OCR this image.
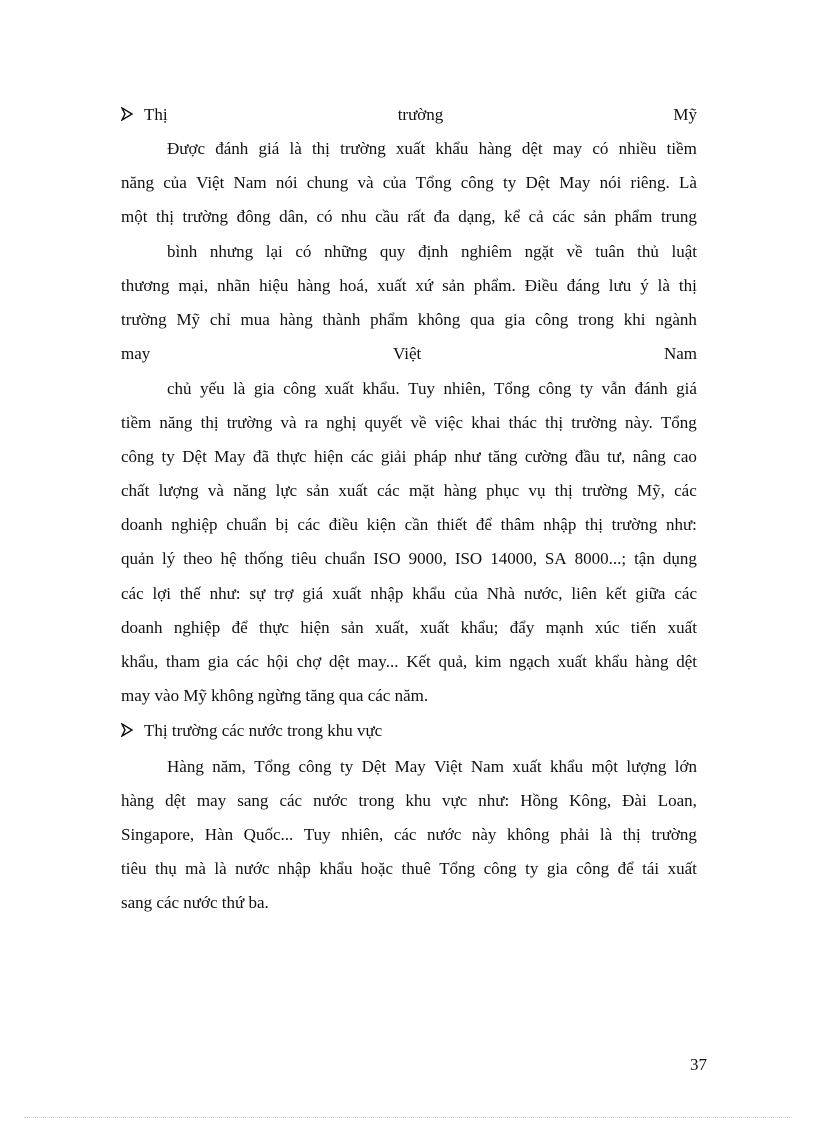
Thị	trường	Mỹ
Được đánh giá là thị trường xuất khẩu hàng dệt may có nhiều tiềm
năng của Việt Nam nói chung và của Tổng công ty Dệt May nói riêng. Là
một thị trường đông dân, có nhu cầu rất đa dạng, kể cả các sản phẩm trung
bình nhưng lại có những quy định nghiêm ngặt về tuân thủ luật
thương mại, nhãn hiệu hàng hoá, xuất xứ sản phẩm. Điều đáng lưu ý là thị
trường Mỹ chỉ mua hàng thành phẩm không qua gia công trong khi ngành
may	Việt	Nam
chủ yếu là gia công xuất khẩu. Tuy nhiên, Tổng công ty vẫn đánh giá
tiềm năng thị trường và ra nghị quyết về việc khai thác thị trường này. Tổng
công ty Dệt May đã thực hiện các giải pháp như tăng cường đầu tư, nâng cao
chất lượng và năng lực sản xuất các mặt hàng phục vụ thị trường Mỹ, các
doanh nghiệp chuẩn bị các điều kiện cần thiết để thâm nhập thị trường như:
quản lý theo hệ thống tiêu chuẩn ISO 9000, ISO 14000, SA 8000...; tận dụng
các lợi thế như: sự trợ giá xuất nhập khẩu của Nhà nước, liên kết giữa các
doanh nghiệp để thực hiện sản xuất, xuất khẩu; đẩy mạnh xúc tiến xuất
khẩu, tham gia các hội chợ dệt may... Kết quả, kim ngạch xuất khẩu hàng dệt
may vào Mỹ không ngừng tăng qua các năm.
Thị trường các nước trong khu vực
Hàng năm, Tổng công ty Dệt May Việt Nam xuất khẩu một lượng lớn
hàng dệt may sang các nước trong khu vực như: Hồng Kông, Đài Loan,
Singapore, Hàn Quốc... Tuy nhiên, các nước này không phải là thị trường
tiêu thụ mà là nước nhập khẩu hoặc thuê Tổng công ty gia công để tái xuất
sang các nước thứ ba.
37
